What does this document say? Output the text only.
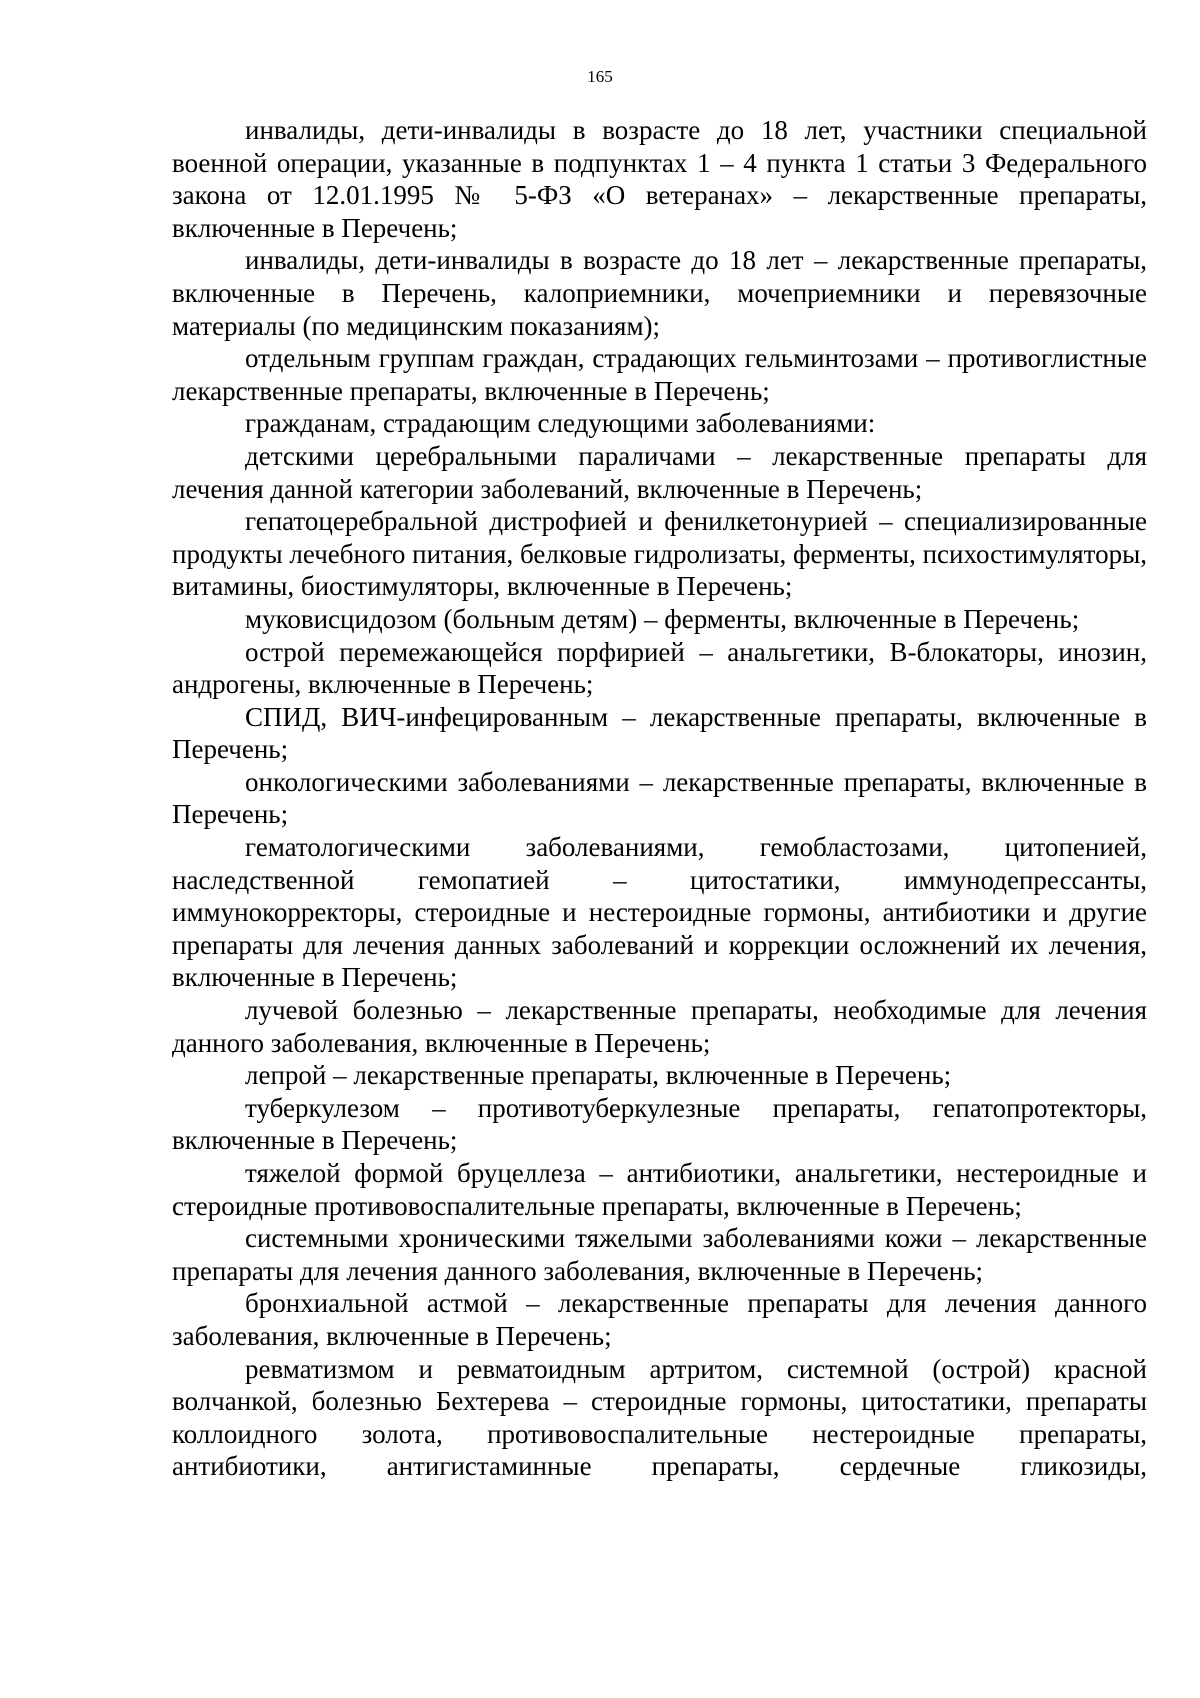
165

инвалиды, дети-инвалиды в возрасте до 18 лет, участники специальной военной операции, указанные в подпунктах 1 – 4 пункта 1 статьи 3 Федерального закона от 12.01.1995 № 5-ФЗ «О ветеранах» – лекарственные препараты, включенные в Перечень;

инвалиды, дети-инвалиды в возрасте до 18 лет – лекарственные препараты, включенные в Перечень, калоприемники, мочеприемники и перевязочные материалы (по медицинским показаниям);

отдельным группам граждан, страдающих гельминтозами – противоглистные лекарственные препараты, включенные в Перечень;

гражданам, страдающим следующими заболеваниями:

детскими церебральными параличами – лекарственные препараты для лечения данной категории заболеваний, включенные в Перечень;

гепатоцеребральной дистрофией и фенилкетонурией – специализированные продукты лечебного питания, белковые гидролизаты, ферменты, психостимуляторы, витамины, биостимуляторы, включенные в Перечень;

муковисцидозом (больным детям) – ферменты, включенные в Перечень;

острой перемежающейся порфирией – анальгетики, В-блокаторы, инозин, андрогены, включенные в Перечень;

СПИД, ВИЧ-инфецированным – лекарственные препараты, включенные в Перечень;

онкологическими заболеваниями – лекарственные препараты, включенные в Перечень;

гематологическими заболеваниями, гемобластозами, цитопенией, наследственной гемопатией – цитостатики, иммунодепрессанты, иммунокорректоры, стероидные и нестероидные гормоны, антибиотики и другие препараты для лечения данных заболеваний и коррекции осложнений их лечения, включенные в Перечень;

лучевой болезнью – лекарственные препараты, необходимые для лечения данного заболевания, включенные в Перечень;

лепрой – лекарственные препараты, включенные в Перечень;

туберкулезом – противотуберкулезные препараты, гепатопротекторы, включенные в Перечень;

тяжелой формой бруцеллеза – антибиотики, анальгетики, нестероидные и стероидные противовоспалительные препараты, включенные в Перечень;

системными хроническими тяжелыми заболеваниями кожи – лекарственные препараты для лечения данного заболевания, включенные в Перечень;

бронхиальной астмой – лекарственные препараты для лечения данного заболевания, включенные в Перечень;

ревматизмом и ревматоидным артритом, системной (острой) красной волчанкой, болезнью Бехтерева – стероидные гормоны, цитостатики, препараты коллоидного золота, противовоспалительные нестероидные препараты, антибиотики, антигистаминные препараты, сердечные гликозиды,
